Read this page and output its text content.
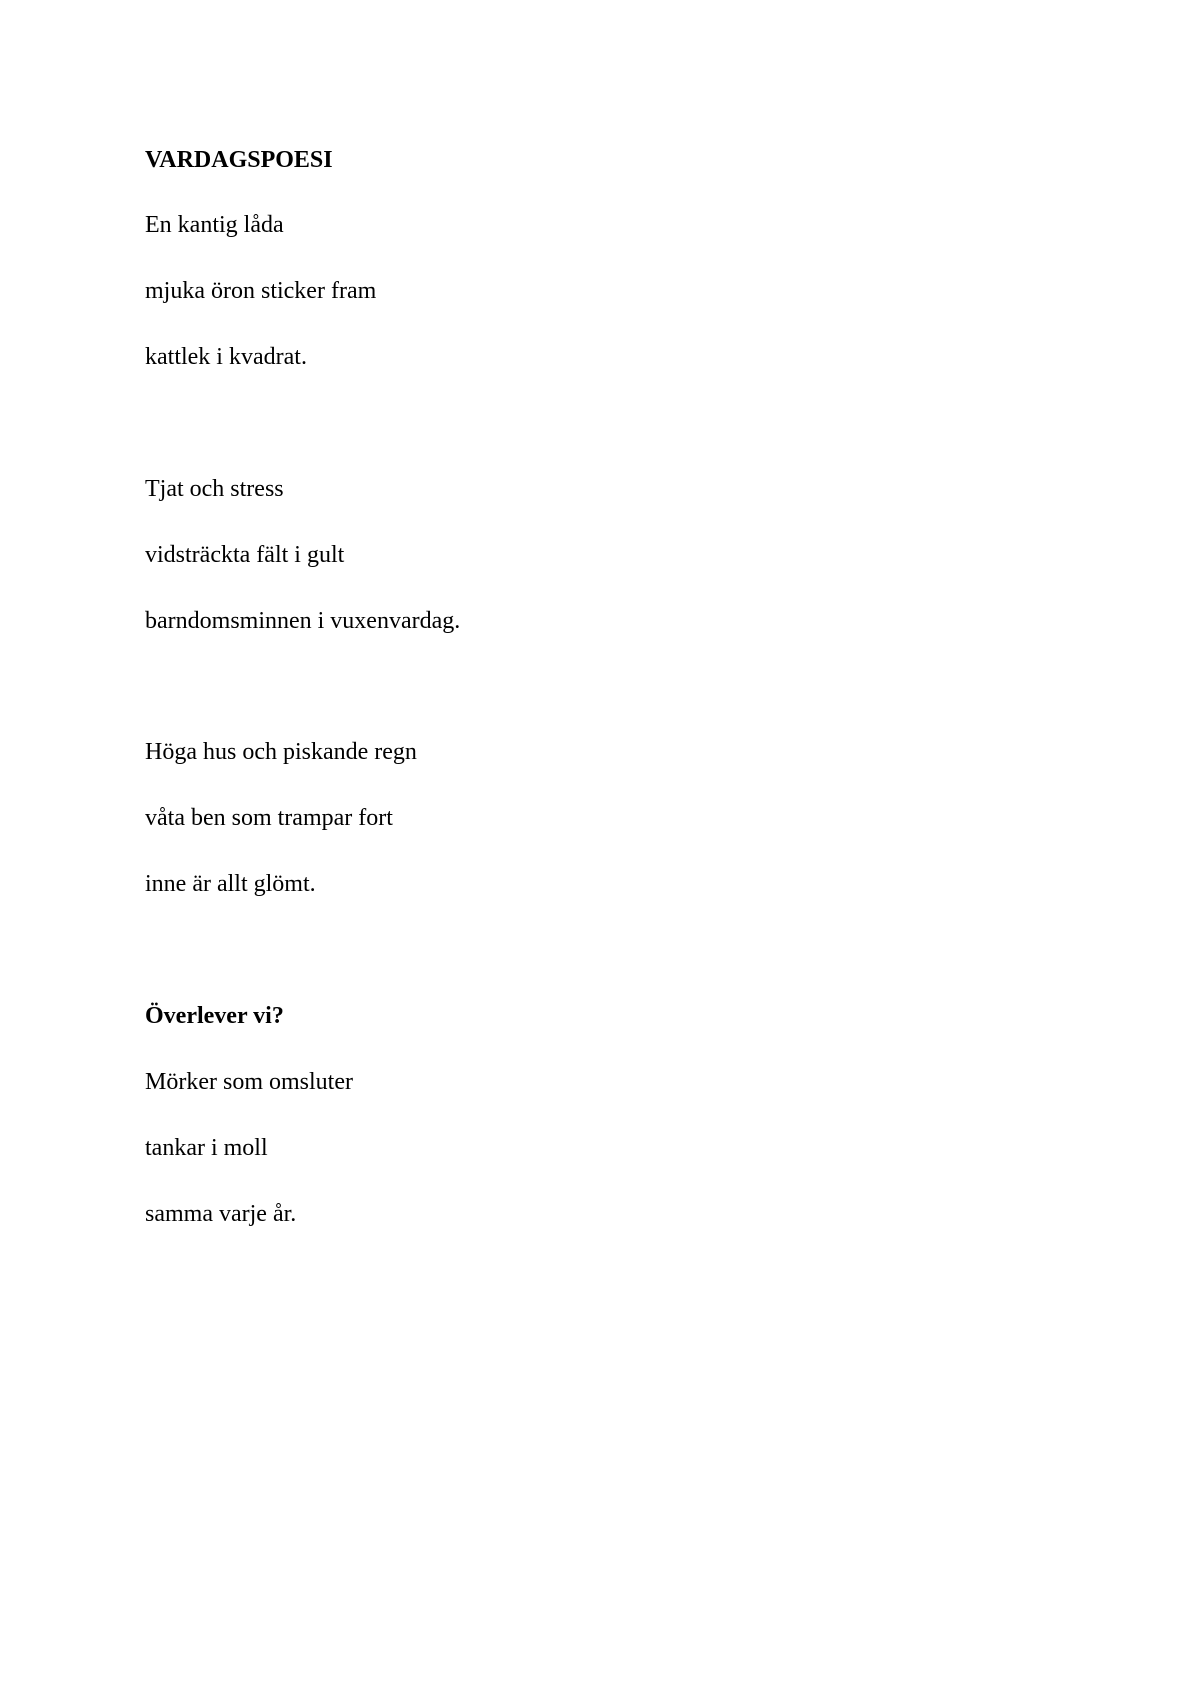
VARDAGSPOESI

En kantig låda

mjuka öron sticker fram

kattlek i kvadrat.

Tjat och stress

vidsträckta fält i gult

barndomsminnen i vuxenvardag.

Höga hus och piskande regn

våta ben som trampar fort

inne är allt glömt.

Överlever vi?

Mörker som omsluter

tankar i moll

samma varje år.
